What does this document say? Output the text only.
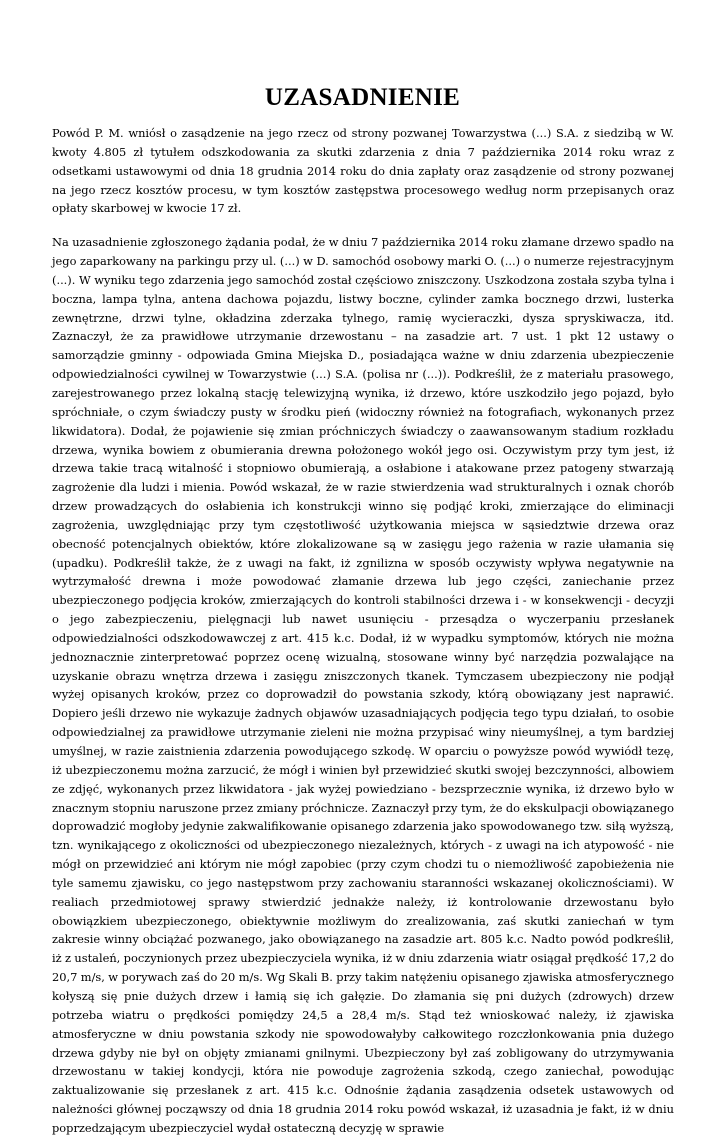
UZASADNIENIE

Powód P. M. wniósł o zasądzenie na jego rzecz od strony pozwanej Towarzystwa (...) S.A. z siedzibą w W. kwoty 4.805 zł tytułem odszkodowania za skutki zdarzenia z dnia 7 października 2014 roku wraz z odsetkami ustawowymi od dnia 18 grudnia 2014 roku do dnia zapłaty oraz zasądzenie od strony pozwanej na jego rzecz kosztów procesu, w tym kosztów zastępstwa procesowego według norm przepisanych oraz opłaty skarbowej w kwocie 17 zł.

Na uzasadnienie zgłoszonego żądania podał, że w dniu 7 października 2014 roku złamane drzewo spadło na jego zaparkowany na parkingu przy ul. (...) w D. samochód osobowy marki O. (...) o numerze rejestracyjnym (...). W wyniku tego zdarzenia jego samochód został częściowo zniszczony. Uszkodzona została szyba tylna i boczna, lampa tylna, antena dachowa pojazdu, listwy boczne, cylinder zamka bocznego drzwi, lusterka zewnętrzne, drzwi tylne, okładzina zderzaka tylnego, ramię wycieraczki, dysza spryskiwacza, itd. Zaznaczył, że za prawidłowe utrzymanie drzewostanu – na zasadzie art. 7 ust. 1 pkt 12 ustawy o samorządzie gminny - odpowiada Gmina Miejska D., posiadająca ważne w dniu zdarzenia ubezpieczenie odpowiedzialności cywilnej w Towarzystwie (...) S.A. (polisa nr (...)). Podkreślił, że z materiału prasowego, zarejestrowanego przez lokalną stację telewizyjną wynika, iż drzewo, które uszkodziło jego pojazd, było spróchniałe, o czym świadczy pusty w środku pień (widoczny również na fotografiach, wykonanych przez likwidatora). Dodał, że pojawienie się zmian próchniczych świadczy o zaawansowanym stadium rozkładu drzewa, wynika bowiem z obumierania drewna położonego wokół jego osi. Oczywistym przy tym jest, iż drzewa takie tracą witalność i stopniowo obumierają, a osłabione i atakowane przez patogeny stwarzają zagrożenie dla ludzi i mienia. Powód wskazał, że w razie stwierdzenia wad strukturalnych i oznak chorób drzew prowadzących do osłabienia ich konstrukcji winno się podjąć kroki, zmierzające do eliminacji zagrożenia, uwzględniając przy tym częstotliwość użytkowania miejsca w sąsiedztwie drzewa oraz obecność potencjalnych obiektów, które zlokalizowane są w zasięgu jego rażenia w razie ułamania się (upadku). Podkreślił także, że z uwagi na fakt, iż zgnilizna w sposób oczywisty wpływa negatywnie na wytrzymałość drewna i może powodować złamanie drzewa lub jego części, zaniechanie przez ubezpieczonego podjęcia kroków, zmierzających do kontroli stabilności drzewa i - w konsekwencji - decyzji o jego zabezpieczeniu, pielęgnacji lub nawet usunięciu - przesądza o wyczerpaniu przesłanek odpowiedzialności odszkodowawczej z art. 415 k.c. Dodał, iż w wypadku symptomów, których nie można jednoznacznie zinterpretować poprzez ocenę wizualną, stosowane winny być narzędzia pozwalające na uzyskanie obrazu wnętrza drzewa i zasięgu zniszczonych tkanek. Tymczasem ubezpieczony nie podjął wyżej opisanych kroków, przez co doprowadził do powstania szkody, którą obowiązany jest naprawić. Dopiero jeśli drzewo nie wykazuje żadnych objawów uzasadniających podjęcia tego typu działań, to osobie odpowiedzialnej za prawidłowe utrzymanie zieleni nie można przypisać winy nieumyślnej, a tym bardziej umyślnej, w razie zaistnienia zdarzenia powodującego szkodę. W oparciu o powyższe powód wywiódł tezę, iż ubezpieczonemu można zarzucić, że mógł i winien był przewidzieć skutki swojej bezczynności, albowiem ze zdjęć, wykonanych przez likwidatora - jak wyżej powiedziano - bezsprzecznie wynika, iż drzewo było w znacznym stopniu naruszone przez zmiany próchnicze. Zaznaczył przy tym, że do ekskulpacji obowiązanego doprowadzić mogłoby jedynie zakwalifikowanie opisanego zdarzenia jako spowodowanego tzw. siłą wyższą, tzn. wynikającego z okoliczności od ubezpieczonego niezależnych, których - z uwagi na ich atypowość - nie mógł on przewidzieć ani którym nie mógł zapobiec (przy czym chodzi tu o niemożliwość zapobieżenia nie tyle samemu zjawisku, co jego następstwom przy zachowaniu staranności wskazanej okolicznościami). W realiach przedmiotowej sprawy stwierdzić jednakże należy, iż kontrolowanie drzewostanu było obowiązkiem ubezpieczonego, obiektywnie możliwym do zrealizowania, zaś skutki zaniechań w tym zakresie winny obciążać pozwanego, jako obowiązanego na zasadzie art. 805 k.c. Nadto powód podkreślił, iż z ustaleń, poczynionych przez ubezpieczyciela wynika, iż w dniu zdarzenia wiatr osiągał prędkość 17,2 do 20,7 m/s, w porywach zaś do 20 m/s. Wg Skali B. przy takim natężeniu opisanego zjawiska atmosferycznego kołyszą się pnie dużych drzew i łamią się ich gałęzie. Do złamania się pni dużych (zdrowych) drzew potrzeba wiatru o prędkości pomiędzy 24,5 a 28,4 m/s. Stąd też wnioskować należy, iż zjawiska atmosferyczne w dniu powstania szkody nie spowodowałyby całkowitego rozczłonkowania pnia dużego drzewa gdyby nie był on objęty zmianami gnilnymi. Ubezpieczony był zaś zobligowany do utrzymywania drzewostanu w takiej kondycji, która nie powoduje zagrożenia szkodą, czego zaniechał, powodując zaktualizowanie się przesłanek z art. 415 k.c. Odnośnie żądania zasądzenia odsetek ustawowych od należności głównej począwszy od dnia 18 grudnia 2014 roku powód wskazał, iż uzasadnia je fakt, iż w dniu poprzedzającym ubezpieczyciel wydał ostateczną decyzję w sprawie
